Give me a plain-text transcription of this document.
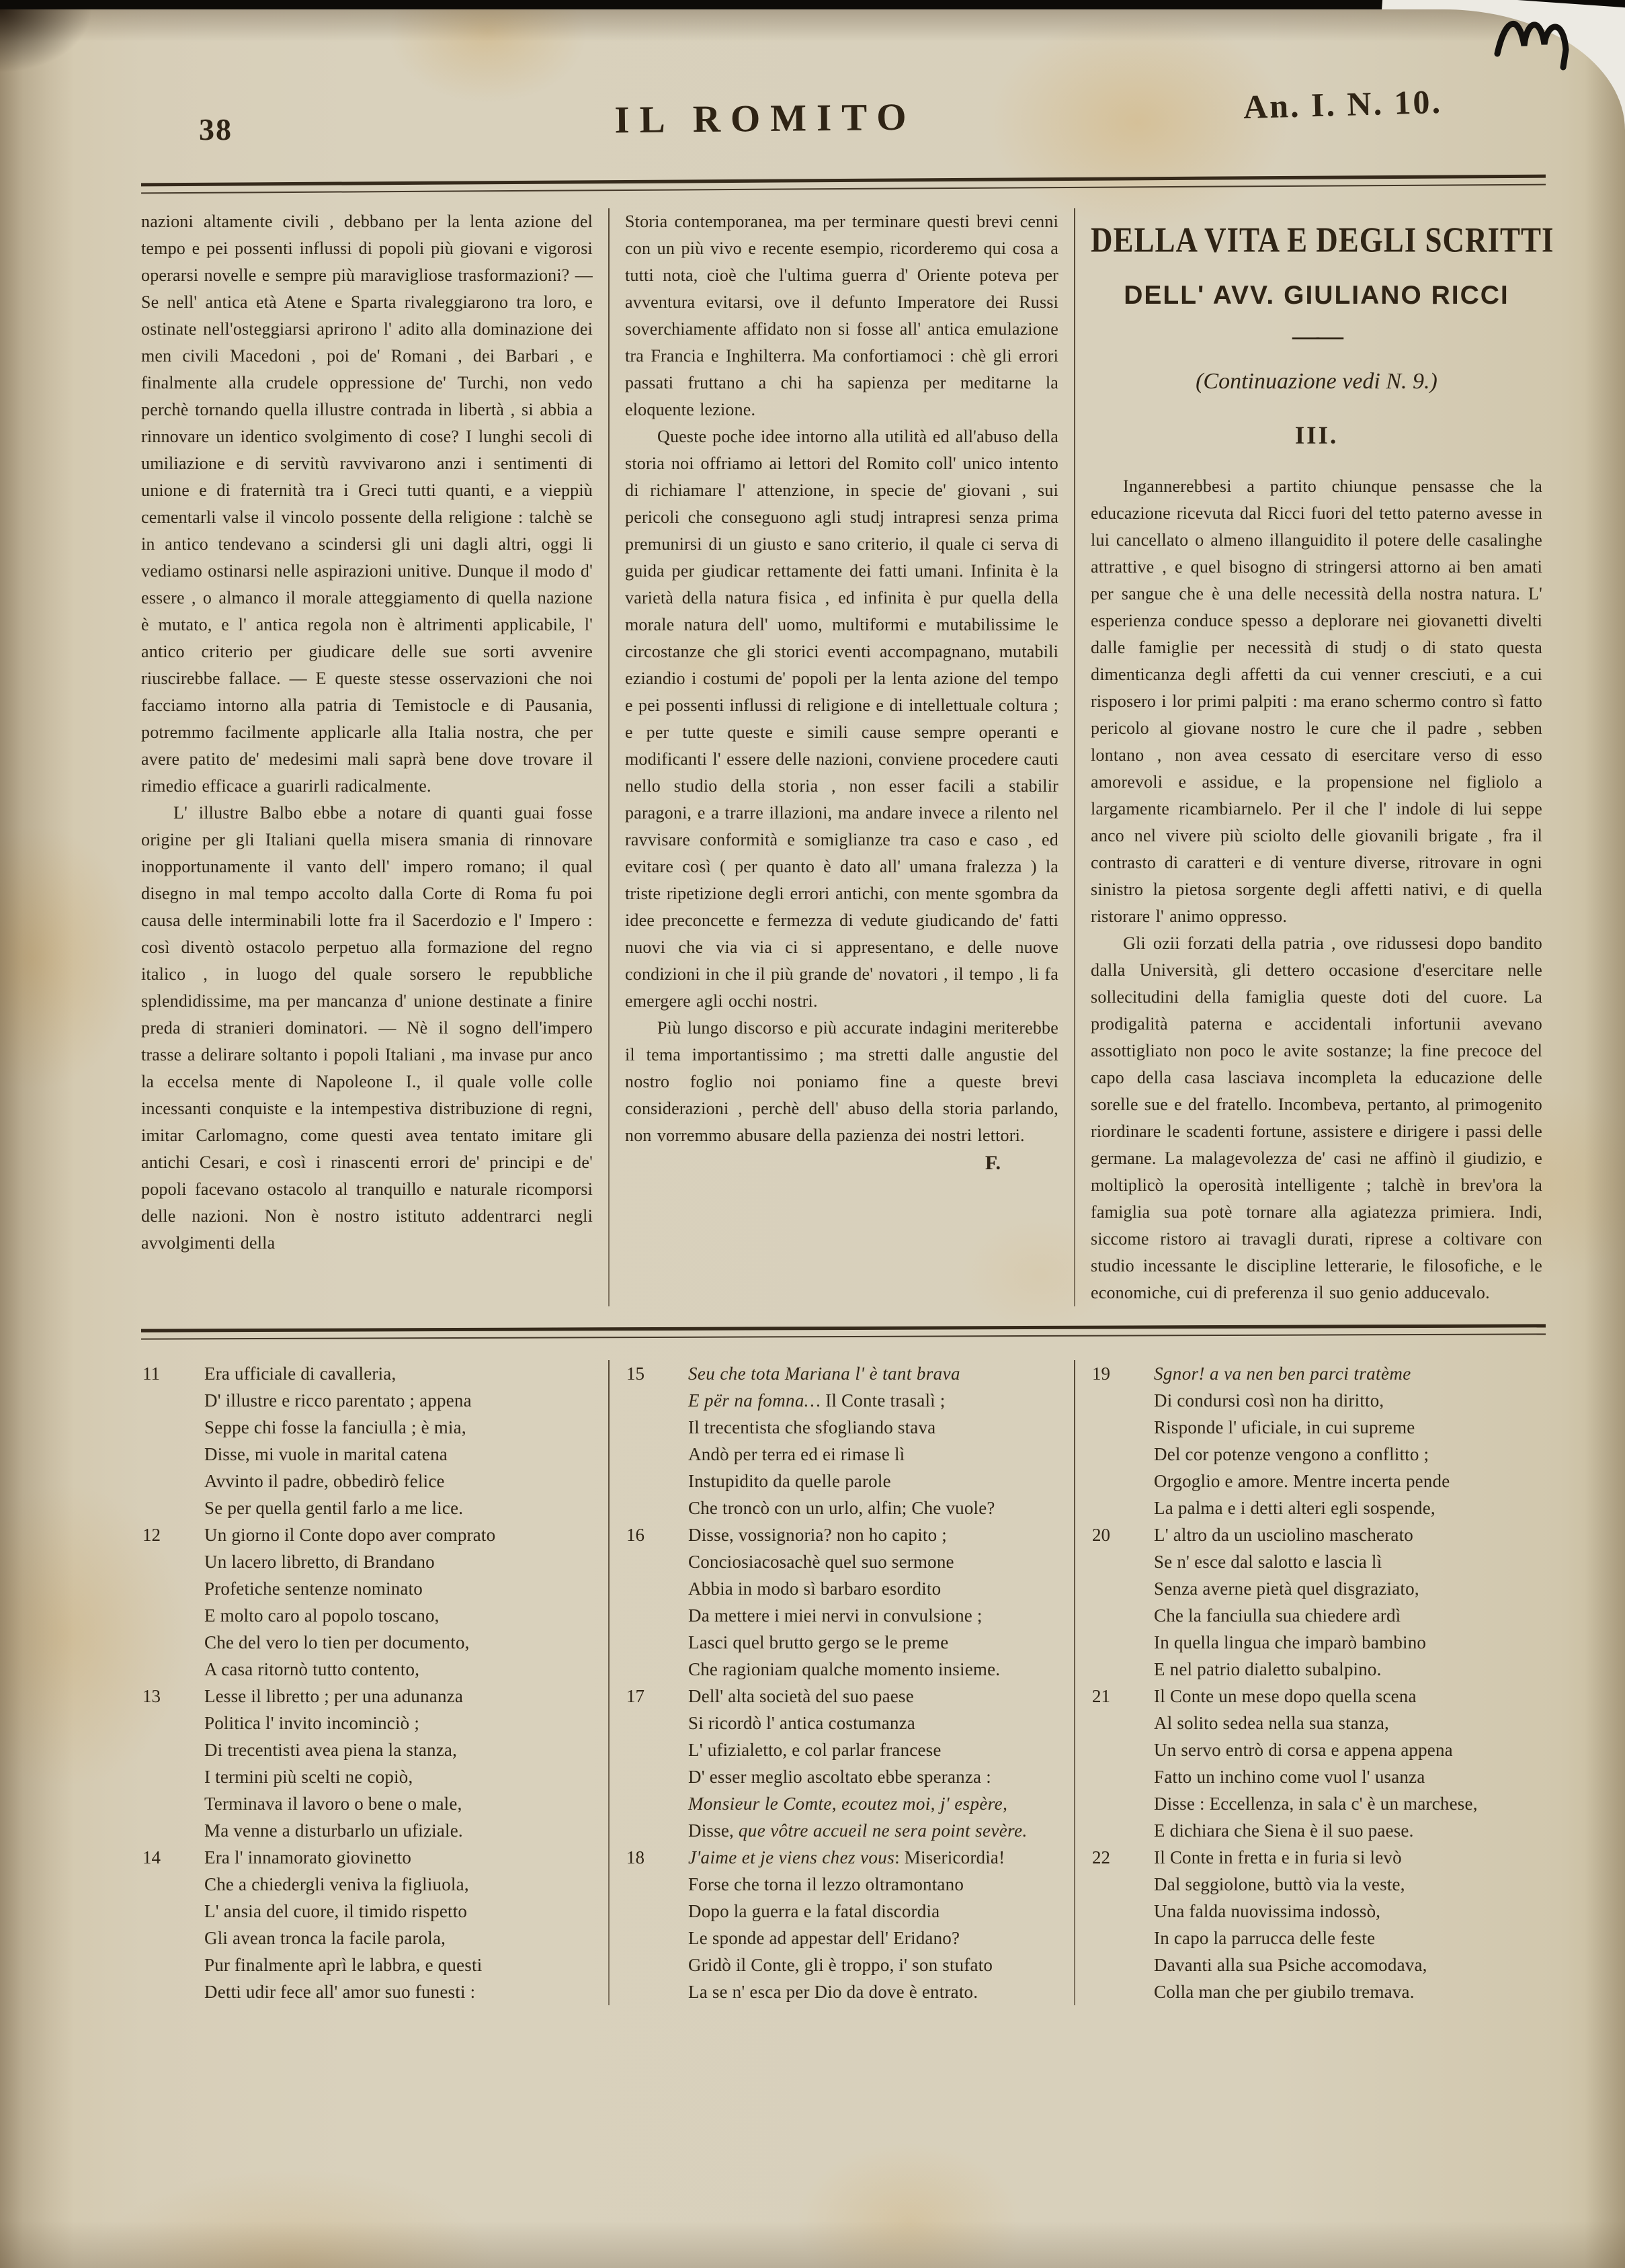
38	IL ROMITO	An. I. N. 10.

nazioni altamente civili , debbano per la lenta azione del tempo e pei possenti influssi di popoli più giovani e vigorosi operarsi novelle e sempre più maravigliose trasformazioni? — Se nell' antica età Atene e Sparta rivaleggiarono tra loro, e ostinate nell'osteggiarsi aprirono l' adito alla dominazione dei men civili Macedoni , poi de' Romani , dei Barbari , e finalmente alla crudele oppressione de' Turchi, non vedo perchè tornando quella illustre contrada in libertà , si abbia a rinnovare un identico svolgimento di cose? I lunghi secoli di umiliazione e di servitù ravvivarono anzi i sentimenti di unione e di fraternità tra i Greci tutti quanti, e a vieppiù cementarli valse il vincolo possente della religione : talchè se in antico tendevano a scindersi gli uni dagli altri, oggi li vediamo ostinarsi nelle aspirazioni unitive. Dunque il modo d' essere , o almanco il morale atteggiamento di quella nazione è mutato, e l' antica regola non è altrimenti applicabile, l' antico criterio per giudicare delle sue sorti avvenire riuscirebbe fallace. — E queste stesse osservazioni che noi facciamo intorno alla patria di Temistocle e di Pausania, potremmo facilmente applicarle alla Italia nostra, che per avere patito de' medesimi mali saprà bene dove trovare il rimedio efficace a guarirli radicalmente.

L' illustre Balbo ebbe a notare di quanti guai fosse origine per gli Italiani quella misera smania di rinnovare inopportunamente il vanto dell' impero romano; il qual disegno in mal tempo accolto dalla Corte di Roma fu poi causa delle interminabili lotte fra il Sacerdozio e l' Impero : così diventò ostacolo perpetuo alla formazione del regno italico , in luogo del quale sorsero le repubbliche splendidissime, ma per mancanza d' unione destinate a finire preda di stranieri dominatori. — Nè il sogno dell'impero trasse a delirare soltanto i popoli Italiani , ma invase pur anco la eccelsa mente di Napoleone I., il quale volle colle incessanti conquiste e la intempestiva distribuzione di regni, imitar Carlomagno, come questi avea tentato imitare gli antichi Cesari, e così i rinascenti errori de' principi e de' popoli facevano ostacolo al tranquillo e naturale ricomporsi delle nazioni. Non è nostro istituto addentrarci negli avvolgimenti della

Storia contemporanea, ma per terminare questi brevi cenni con un più vivo e recente esempio, ricorderemo qui cosa a tutti nota, cioè che l'ultima guerra d' Oriente poteva per avventura evitarsi, ove il defunto Imperatore dei Russi soverchiamente affidato non si fosse all' antica emulazione tra Francia e Inghilterra. Ma confortiamoci : chè gli errori passati fruttano a chi ha sapienza per meditarne la eloquente lezione.

Queste poche idee intorno alla utilità ed all'abuso della storia noi offriamo ai lettori del Romito coll' unico intento di richiamare l' attenzione, in specie de' giovani , sui pericoli che conseguono agli studj intrapresi senza prima premunirsi di un giusto e sano criterio, il quale ci serva di guida per giudicar rettamente dei fatti umani. Infinita è la varietà della natura fisica , ed infinita è pur quella della morale natura dell' uomo, multiformi e mutabilissime le circostanze che gli storici eventi accompagnano, mutabili eziandio i costumi de' popoli per la lenta azione del tempo e pei possenti influssi di religione e di intellettuale coltura ; e per tutte queste e simili cause sempre operanti e modificanti l' essere delle nazioni, conviene procedere cauti nello studio della storia , non esser facili a stabilir paragoni, e a trarre illazioni, ma andare invece a rilento nel ravvisare conformità e somiglianze tra caso e caso , ed evitare così ( per quanto è dato all' umana fralezza ) la triste ripetizione degli errori antichi, con mente sgombra da idee preconcette e fermezza di vedute giudicando de' fatti nuovi che via via ci si appresentano, e delle nuove condizioni in che il più grande de' novatori , il tempo , li fa emergere agli occhi nostri.

Più lungo discorso e più accurate indagini meriterebbe il tema importantissimo ; ma stretti dalle angustie del nostro foglio noi poniamo fine a queste brevi considerazioni , perchè dell' abuso della storia parlando, non vorremmo abusare della pazienza dei nostri lettori.

F.
DELLA VITA E DEGLI SCRITTI
DELL' AVV. GIULIANO RICCI
——
(Continuazione vedi N. 9.)
III.

Ingannerebbesi a partito chiunque pensasse che la educazione ricevuta dal Ricci fuori del tetto paterno avesse in lui cancellato o almeno illanguidito il potere delle casalinghe attrattive , e quel bisogno di stringersi attorno ai ben amati per sangue che è una delle necessità della nostra natura. L' esperienza conduce spesso a deplorare nei giovanetti divelti dalle famiglie per necessità di studj o di stato questa dimenticanza degli affetti da cui venner cresciuti, e a cui risposero i lor primi palpiti : ma erano schermo contro sì fatto pericolo al giovane nostro le cure che il padre , sebben lontano , non avea cessato di esercitare verso di esso amorevoli e assidue, e la propensione nel figliolo a largamente ricambiarnelo. Per il che l' indole di lui seppe anco nel vivere più sciolto delle giovanili brigate , fra il contrasto di caratteri e di venture diverse, ritrovare in ogni sinistro la pietosa sorgente degli affetti nativi, e di quella ristorare l' animo oppresso.

Gli ozii forzati della patria , ove ridussesi dopo bandito dalla Università, gli dettero occasione d'esercitare nelle sollecitudini della famiglia queste doti del cuore. La prodigalità paterna e accidentali infortunii avevano assottigliato non poco le avite sostanze; la fine precoce del capo della casa lasciava incompleta la educazione delle sorelle sue e del fratello. Incombeva, pertanto, al primogenito riordinare le scadenti fortune, assistere e dirigere i passi delle germane. La malagevolezza de' casi ne affinò il giudizio, e moltiplicò la operosità intelligente ; talchè in brev'ora la famiglia sua potè tornare alla agiatezza primiera. Indi, siccome ristoro ai travagli durati, riprese a coltivare con studio incessante le discipline letterarie, le filosofiche, e le economiche, cui di preferenza il suo genio adducevalo.

11 Era ufficiale di cavalleria,
D' illustre e ricco parentato ; appena
Seppe chi fosse la fanciulla ; è mia,
Disse, mi vuole in marital catena
Avvinto il padre, obbedirò felice
Se per quella gentil farlo a me lice.
12 Un giorno il Conte dopo aver comprato
Un lacero libretto, di Brandano
Profetiche sentenze nominato
E molto caro al popolo toscano,
Che del vero lo tien per documento,
A casa ritornò tutto contento,
13 Lesse il libretto ; per una adunanza
Politica l' invito incominciò ;
Di trecentisti avea piena la stanza,
I termini più scelti ne copiò,
Terminava il lavoro o bene o male,
Ma venne a disturbarlo un ufiziale.
14 Era l' innamorato giovinetto
Che a chiedergli veniva la figliuola,
L' ansia del cuore, il timido rispetto
Gli avean tronca la facile parola,
Pur finalmente aprì le labbra, e questi
Detti udir fece all' amor suo funesti :
15 Seu che tota Mariana l' è tant brava
E për na fomna… Il Conte trasalì ;
Il trecentista che sfogliando stava
Andò per terra ed ei rimase lì
Instupidito da quelle parole
Che troncò con un urlo, alfin; Che vuole?
16 Disse, vossignoria? non ho capito ;
Conciosiacosachè quel suo sermone
Abbia in modo sì barbaro esordito
Da mettere i miei nervi in convulsione ;
Lasci quel brutto gergo se le preme
Che ragioniam qualche momento insieme.
17 Dell' alta società del suo paese
Si ricordò l' antica costumanza
L' ufizialetto, e col parlar francese
D' esser meglio ascoltato ebbe speranza :
Monsieur le Comte, ecoutez moi, j' espère,
Disse, que vôtre accueil ne sera point sevère.
18 J'aime et je viens chez vous: Misericordia!
Forse che torna il lezzo oltramontano
Dopo la guerra e la fatal discordia
Le sponde ad appestar dell' Eridano?
Gridò il Conte, gli è troppo, i' son stufato
La se n' esca per Dio da dove è entrato.
19 Sgnor! a va nen ben parci tratème
Di condursi così non ha diritto,
Risponde l' uficiale, in cui supreme
Del cor potenze vengono a conflitto ;
Orgoglio e amore. Mentre incerta pende
La palma e i detti alteri egli sospende,
20 L' altro da un usciolino mascherato
Se n' esce dal salotto e lascia lì
Senza averne pietà quel disgraziato,
Che la fanciulla sua chiedere ardì
In quella lingua che imparò bambino
E nel patrio dialetto subalpino.
21 Il Conte un mese dopo quella scena
Al solito sedea nella sua stanza,
Un servo entrò di corsa e appena appena
Fatto un inchino come vuol l' usanza
Disse : Eccellenza, in sala c' è un marchese,
E dichiara che Siena è il suo paese.
22 Il Conte in fretta e in furia si levò
Dal seggiolone, buttò via la veste,
Una falda nuovissima indossò,
In capo la parrucca delle feste
Davanti alla sua Psiche accomodava,
Colla man che per giubilo tremava.
